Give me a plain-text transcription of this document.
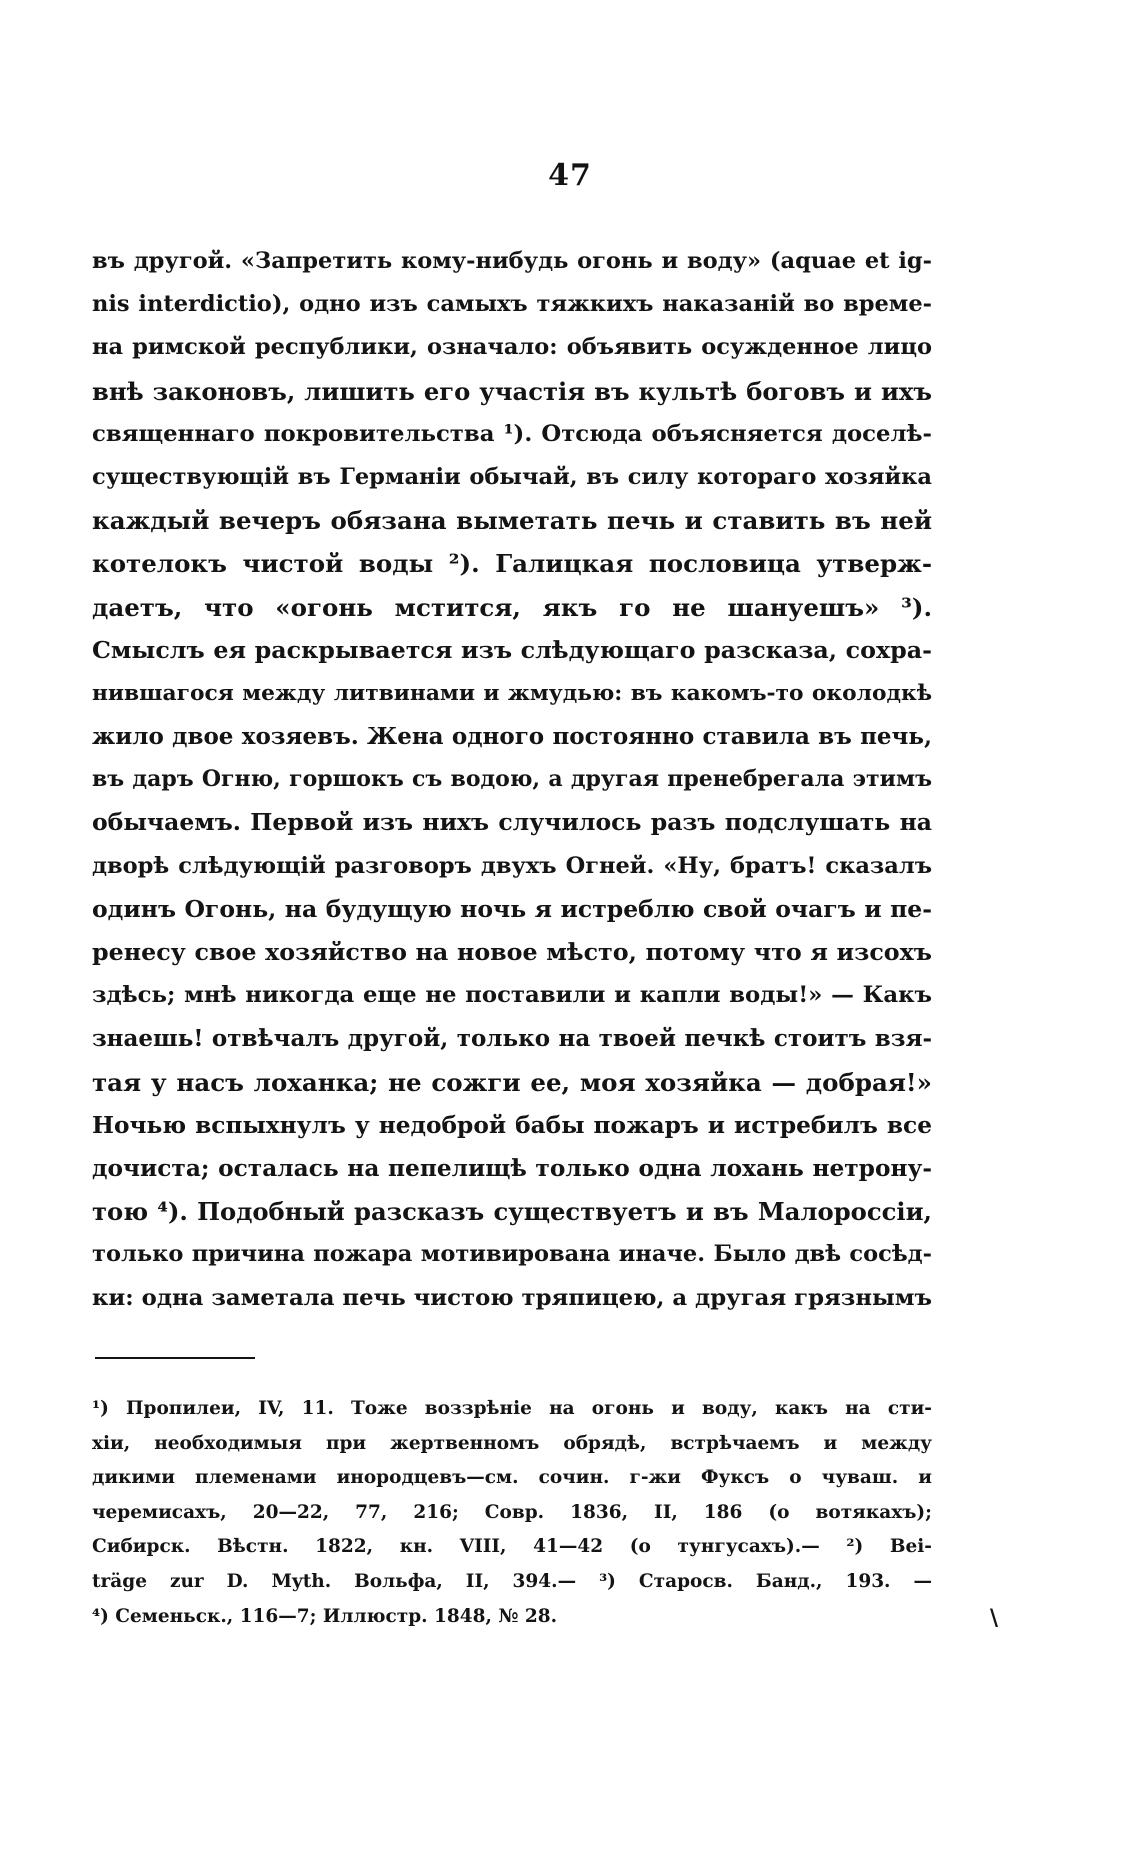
47
въ другой. «Запретить кому-нибудь огонь и воду» (aquae et ig-
nis interdictio), одно изъ самыхъ тяжкихъ наказаній во време-
на римской республики, означало: объявить осужденное лицо
внѣ законовъ, лишить его участія въ культѣ боговъ и ихъ
священнаго покровительства ¹). Отсюда объясняется доселѣ-
существующій въ Германіи обычай, въ силу котораго хозяйка
каждый вечеръ обязана выметать печь и ставить въ ней
котелокъ чистой воды ²). Галицкая пословица утверж-
даетъ, что «огонь мстится, якъ го не шануешъ» ³).
Смыслъ ея раскрывается изъ слѣдующаго разсказа, сохра-
нившагося между литвинами и жмудью: въ какомъ-то околодкѣ
жило двое хозяевъ. Жена одного постоянно ставила въ печь,
въ даръ Огню, горшокъ съ водою, а другая пренебрегала этимъ
обычаемъ. Первой изъ нихъ случилось разъ подслушать на
дворѣ слѣдующій разговоръ двухъ Огней. «Ну, братъ! сказалъ
одинъ Огонь, на будущую ночь я истреблю свой очагъ и пе-
ренесу свое хозяйство на новое мѣсто, потому что я изсохъ
здѣсь; мнѣ никогда еще не поставили и капли воды!» — Какъ
знаешь! отвѣчалъ другой, только на твоей печкѣ стоитъ взя-
тая у насъ лоханка; не сожги ее, моя хозяйка — добрая!»
Ночью вспыхнулъ у недоброй бабы пожаръ и истребилъ все
дочиста; осталась на пепелищѣ только одна лохань нетрону-
тою ⁴). Подобный разсказъ существуетъ и въ Малороссіи,
только причина пожара мотивирована иначе. Было двѣ сосѣд-
ки: одна заметала печь чистою тряпицею, а другая грязнымъ
¹) Пропилеи, IV, 11. Тоже воззрѣніе на огонь и воду, какъ на сти-
хіи, необходимыя при жертвенномъ обрядѣ, встрѣчаемъ и между
дикими племенами инородцевъ—см. сочин. г-жи Фуксъ о чуваш. и
черемисахъ, 20—22, 77, 216; Совр. 1836, II, 186 (о вотякахъ);
Сибирск. Вѣстн. 1822, кн. VIII, 41—42 (о тунгусахъ).— ²) Bei-
träge zur D. Myth. Вольфа, II, 394.— ³) Старосв. Банд., 193. —
⁴) Семеньск., 116—7; Иллюстр. 1848, № 28.	\
